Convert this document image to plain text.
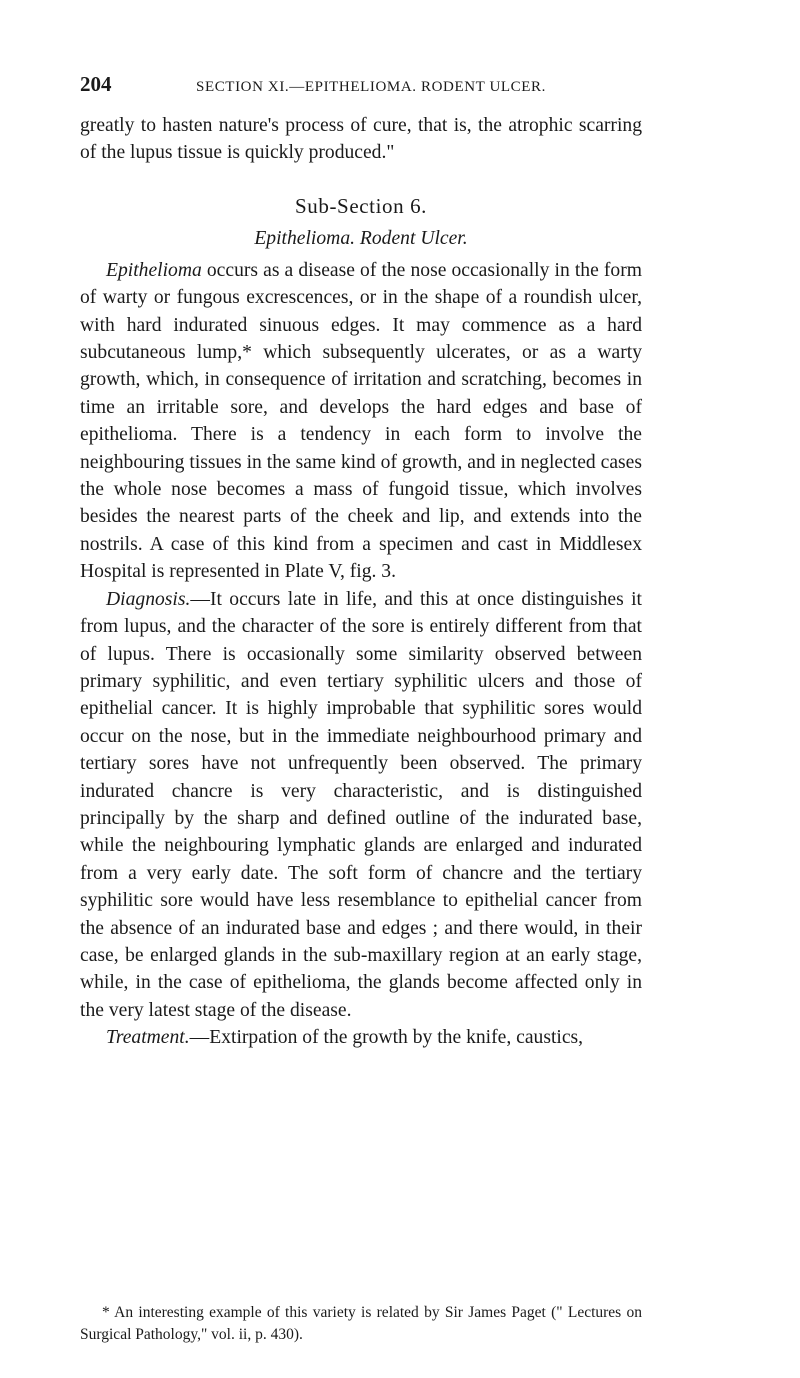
204	SECTION XI.—EPITHELIOMA. RODENT ULCER.

greatly to hasten nature's process of cure, that is, the atrophic scarring of the lupus tissue is quickly produced."

Sub-Section 6.
Epithelioma. Rodent Ulcer.

Epithelioma occurs as a disease of the nose occasionally in the form of warty or fungous excrescences, or in the shape of a roundish ulcer, with hard indurated sinuous edges. It may commence as a hard subcutaneous lump,* which subsequently ulcerates, or as a warty growth, which, in consequence of irritation and scratching, becomes in time an irritable sore, and develops the hard edges and base of epithelioma. There is a tendency in each form to involve the neighbouring tissues in the same kind of growth, and in neglected cases the whole nose becomes a mass of fungoid tissue, which involves besides the nearest parts of the cheek and lip, and extends into the nostrils. A case of this kind from a specimen and cast in Middlesex Hospital is represented in Plate V, fig. 3.

Diagnosis.—It occurs late in life, and this at once distinguishes it from lupus, and the character of the sore is entirely different from that of lupus. There is occasionally some similarity observed between primary syphilitic, and even tertiary syphilitic ulcers and those of epithelial cancer. It is highly improbable that syphilitic sores would occur on the nose, but in the immediate neighbourhood primary and tertiary sores have not unfrequently been observed. The primary indurated chancre is very characteristic, and is distinguished principally by the sharp and defined outline of the indurated base, while the neighbouring lymphatic glands are enlarged and indurated from a very early date. The soft form of chancre and the tertiary syphilitic sore would have less resemblance to epithelial cancer from the absence of an indurated base and edges ; and there would, in their case, be enlarged glands in the sub-maxillary region at an early stage, while, in the case of epithelioma, the glands become affected only in the very latest stage of the disease.

Treatment.—Extirpation of the growth by the knife, caustics,

* An interesting example of this variety is related by Sir James Paget (" Lectures on Surgical Pathology," vol. ii, p. 430).
